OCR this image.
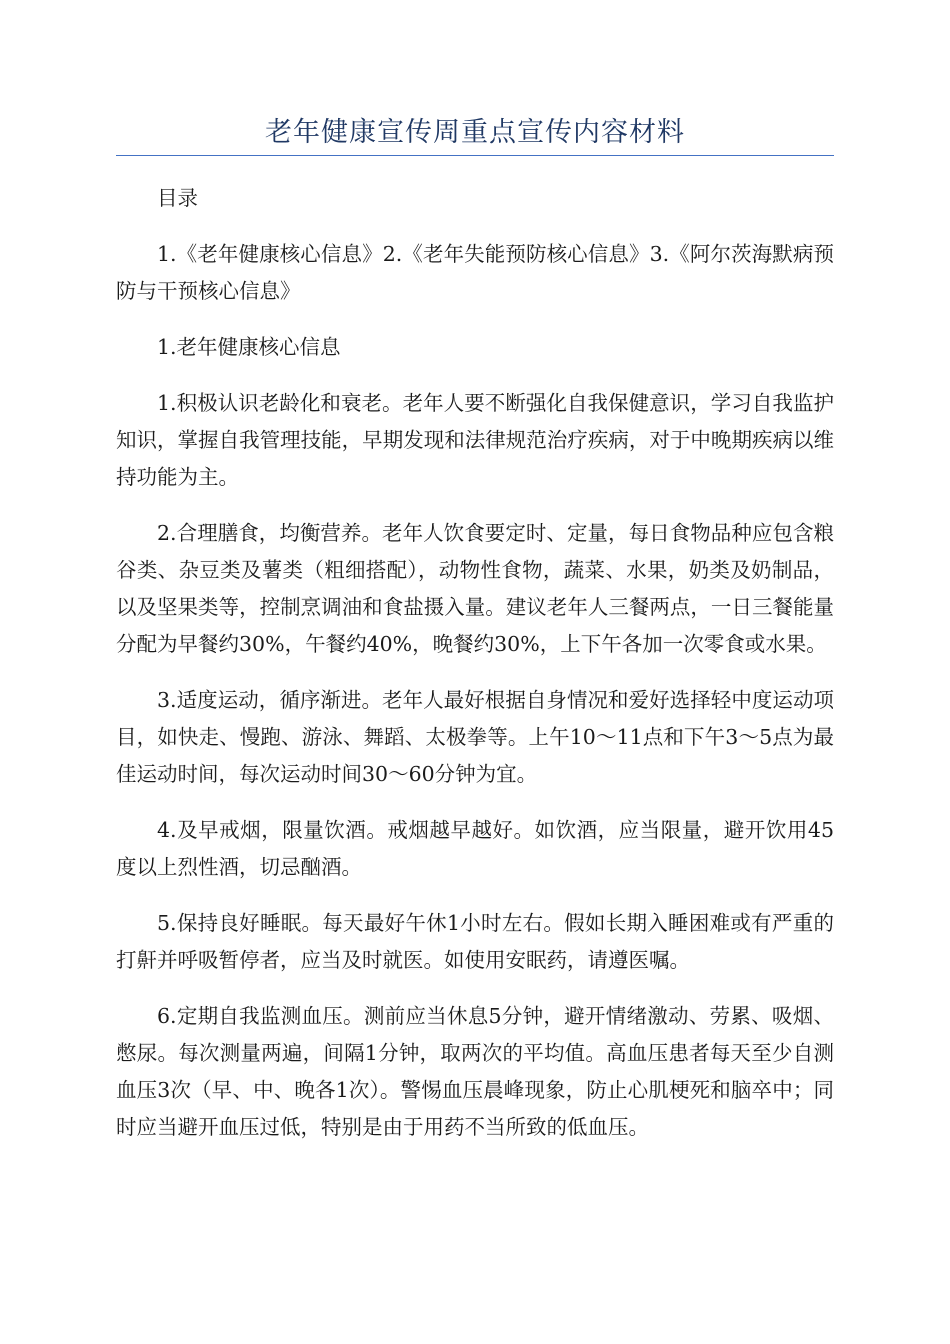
老年健康宣传周重点宣传内容材料

目录

1.《老年健康核心信息》2.《老年失能预防核心信息》3.《阿尔茨海默病预防与干预核心信息》

1.老年健康核心信息

1.积极认识老龄化和衰老。老年人要不断强化自我保健意识，学习自我监护知识，掌握自我管理技能，早期发现和法律规范治疗疾病，对于中晚期疾病以维持功能为主。

2.合理膳食，均衡营养。老年人饮食要定时、定量，每日食物品种应包含粮谷类、杂豆类及薯类（粗细搭配），动物性食物，蔬菜、水果，奶类及奶制品，以及坚果类等，控制烹调油和食盐摄入量。建议老年人三餐两点，一日三餐能量分配为早餐约30%，午餐约40%，晚餐约30%，上下午各加一次零食或水果。

3.适度运动，循序渐进。老年人最好根据自身情况和爱好选择轻中度运动项目，如快走、慢跑、游泳、舞蹈、太极拳等。上午10～11点和下午3～5点为最佳运动时间，每次运动时间30～60分钟为宜。

4.及早戒烟，限量饮酒。戒烟越早越好。如饮酒，应当限量，避开饮用45度以上烈性酒，切忌酗酒。

5.保持良好睡眠。每天最好午休1小时左右。假如长期入睡困难或有严重的打鼾并呼吸暂停者，应当及时就医。如使用安眠药，请遵医嘱。

6.定期自我监测血压。测前应当休息5分钟，避开情绪激动、劳累、吸烟、憋尿。每次测量两遍，间隔1分钟，取两次的平均值。高血压患者每天至少自测血压3次（早、中、晚各1次）。警惕血压晨峰现象，防止心肌梗死和脑卒中；同时应当避开血压过低，特别是由于用药不当所致的低血压。
